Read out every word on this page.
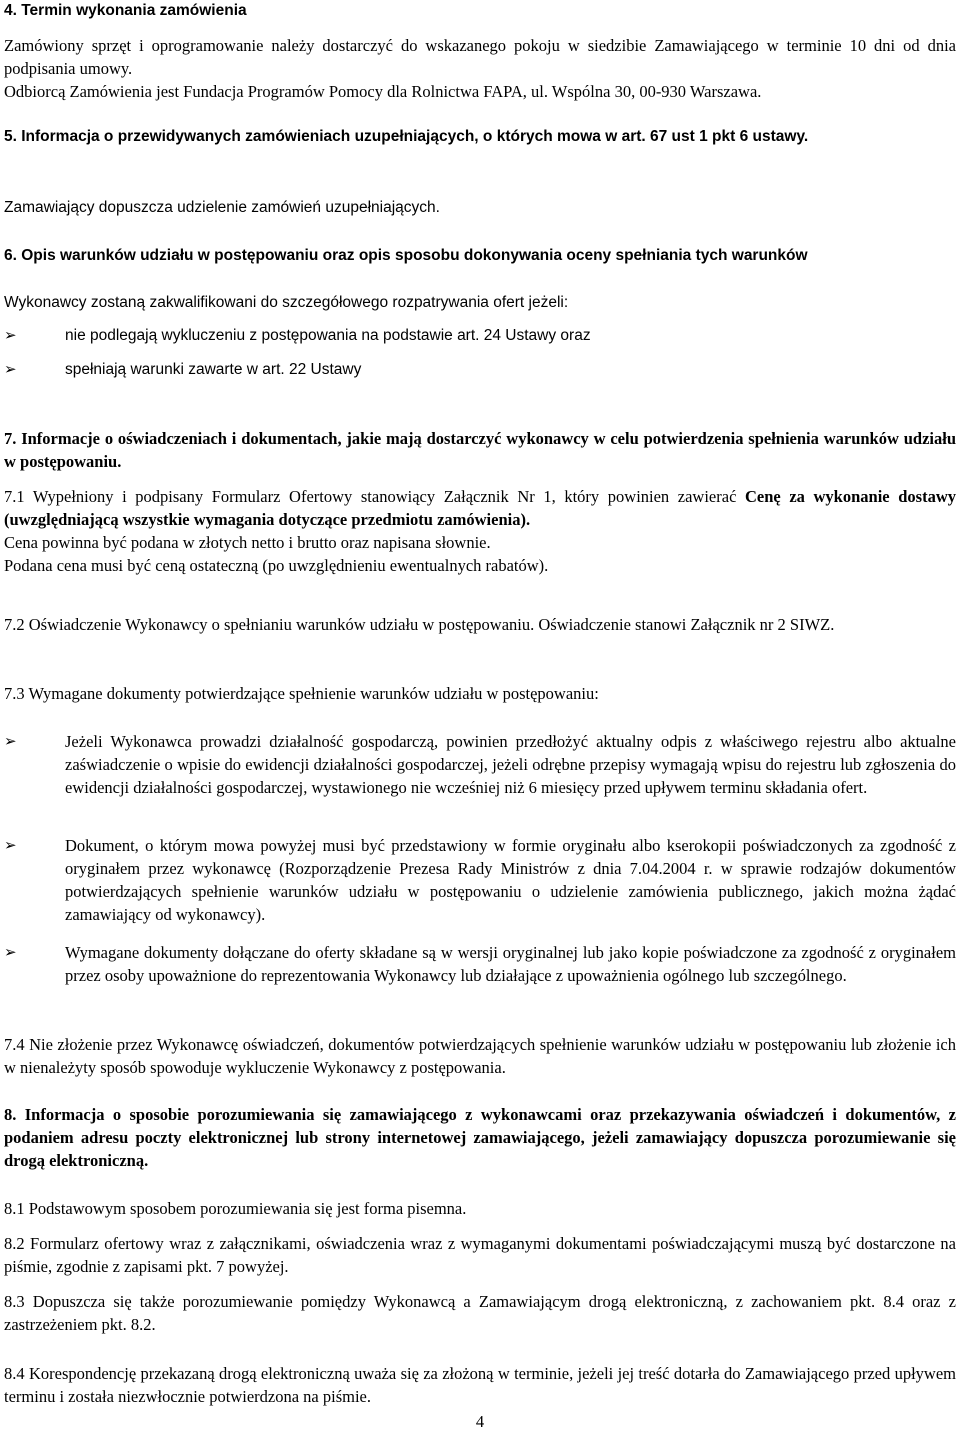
4. Termin wykonania zamówienia

Zamówiony sprzęt i oprogramowanie należy dostarczyć do wskazanego pokoju w siedzibie Zamawiającego w terminie 10 dni od dnia podpisania umowy.

Odbiorcą Zamówienia jest Fundacja Programów Pomocy dla Rolnictwa FAPA, ul. Wspólna 30, 00-930 Warszawa.

5. Informacja o przewidywanych zamówieniach uzupełniających, o których mowa w art. 67 ust 1 pkt 6 ustawy.

Zamawiający dopuszcza udzielenie zamówień uzupełniających.

6. Opis warunków udziału w postępowaniu oraz opis sposobu dokonywania oceny spełniania tych warunków

Wykonawcy zostaną zakwalifikowani do szczegółowego rozpatrywania ofert jeżeli:

➢	nie podlegają wykluczeniu z postępowania na podstawie art. 24 Ustawy oraz

➢	spełniają warunki zawarte w art. 22 Ustawy

7. Informacje o oświadczeniach i dokumentach, jakie mają dostarczyć wykonawcy w celu potwierdzenia spełnienia warunków udziału w postępowaniu.

7.1 Wypełniony i podpisany Formularz Ofertowy stanowiący Załącznik Nr 1, który powinien zawierać Cenę za wykonanie dostawy (uwzględniającą wszystkie wymagania dotyczące przedmiotu zamówienia).

Cena powinna być podana w złotych netto i brutto oraz napisana słownie.

Podana cena musi być ceną ostateczną (po uwzględnieniu ewentualnych rabatów).

7.2 Oświadczenie Wykonawcy o spełnianiu warunków udziału w postępowaniu. Oświadczenie stanowi Załącznik nr 2 SIWZ.

7.3 Wymagane dokumenty potwierdzające spełnienie warunków udziału w postępowaniu:

➢	Jeżeli Wykonawca prowadzi działalność gospodarczą, powinien przedłożyć aktualny odpis z właściwego rejestru albo aktualne zaświadczenie o wpisie do ewidencji działalności gospodarczej, jeżeli odrębne przepisy wymagają wpisu do rejestru lub zgłoszenia do ewidencji działalności gospodarczej, wystawionego nie wcześniej niż 6 miesięcy przed upływem terminu składania ofert.

➢	Dokument, o którym mowa powyżej musi być przedstawiony w formie oryginału albo kserokopii poświadczonych za zgodność z oryginałem przez wykonawcę (Rozporządzenie Prezesa Rady Ministrów z dnia 7.04.2004 r. w sprawie rodzajów dokumentów potwierdzających spełnienie warunków udziału w postępowaniu o udzielenie zamówienia publicznego, jakich można żądać zamawiający od wykonawcy).

➢	Wymagane dokumenty dołączane do oferty składane są w wersji oryginalnej lub jako kopie poświadczone za zgodność z oryginałem przez osoby upoważnione do reprezentowania Wykonawcy lub działające z upoważnienia ogólnego lub szczególnego.

7.4 Nie złożenie przez Wykonawcę oświadczeń, dokumentów potwierdzających spełnienie warunków udziału w postępowaniu lub złożenie ich w nienależyty sposób spowoduje wykluczenie Wykonawcy z postępowania.

8. Informacja o sposobie porozumiewania się zamawiającego z wykonawcami oraz przekazywania oświadczeń i dokumentów, z podaniem adresu poczty elektronicznej lub strony internetowej zamawiającego, jeżeli zamawiający dopuszcza porozumiewanie się drogą elektroniczną.

8.1 Podstawowym sposobem porozumiewania się jest forma pisemna.

8.2 Formularz ofertowy wraz z załącznikami, oświadczenia wraz z wymaganymi dokumentami poświadczającymi muszą być dostarczone na piśmie, zgodnie z zapisami pkt. 7 powyżej.

8.3 Dopuszcza się także porozumiewanie pomiędzy Wykonawcą a Zamawiającym drogą elektroniczną, z zachowaniem pkt. 8.4 oraz z zastrzeżeniem pkt. 8.2.

8.4 Korespondencję przekazaną drogą elektroniczną uważa się za złożoną w terminie, jeżeli jej treść dotarła do Zamawiającego przed upływem terminu i została niezwłocznie potwierdzona na piśmie.

4
